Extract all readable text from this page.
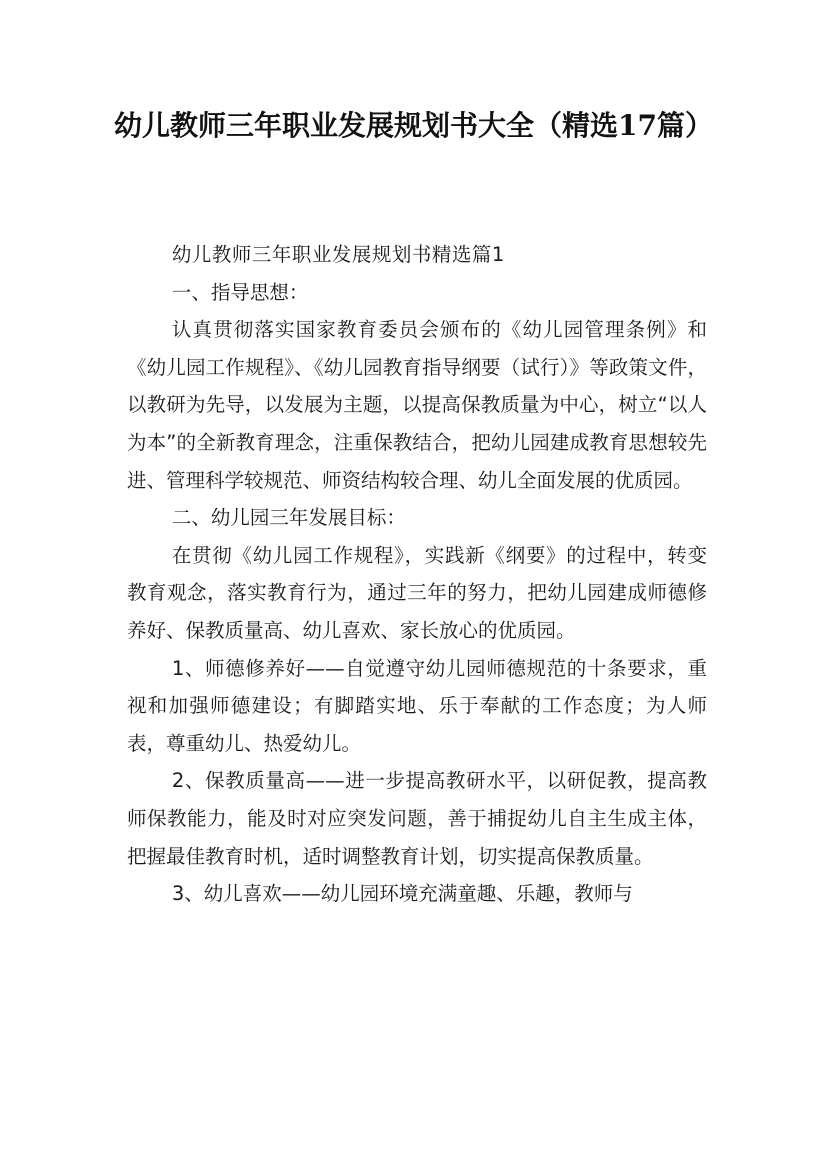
幼儿教师三年职业发展规划书大全（精选17篇）

幼儿教师三年职业发展规划书精选篇1

一、指导思想：

认真贯彻落实国家教育委员会颁布的《幼儿园管理条例》和《幼儿园工作规程》、《幼儿园教育指导纲要（试行）》等政策文件，以教研为先导，以发展为主题，以提高保教质量为中心，树立“以人为本”的全新教育理念，注重保教结合，把幼儿园建成教育思想较先进、管理科学较规范、师资结构较合理、幼儿全面发展的优质园。

二、幼儿园三年发展目标：

在贯彻《幼儿园工作规程》，实践新《纲要》的过程中，转变教育观念，落实教育行为，通过三年的努力，把幼儿园建成师德修养好、保教质量高、幼儿喜欢、家长放心的优质园。

1、师德修养好——自觉遵守幼儿园师德规范的十条要求，重视和加强师德建设；有脚踏实地、乐于奉献的工作态度；为人师表，尊重幼儿、热爱幼儿。

2、保教质量高——进一步提高教研水平，以研促教，提高教师保教能力，能及时对应突发问题，善于捕捉幼儿自主生成主体，把握最佳教育时机，适时调整教育计划，切实提高保教质量。

3、幼儿喜欢——幼儿园环境充满童趣、乐趣，教师与
